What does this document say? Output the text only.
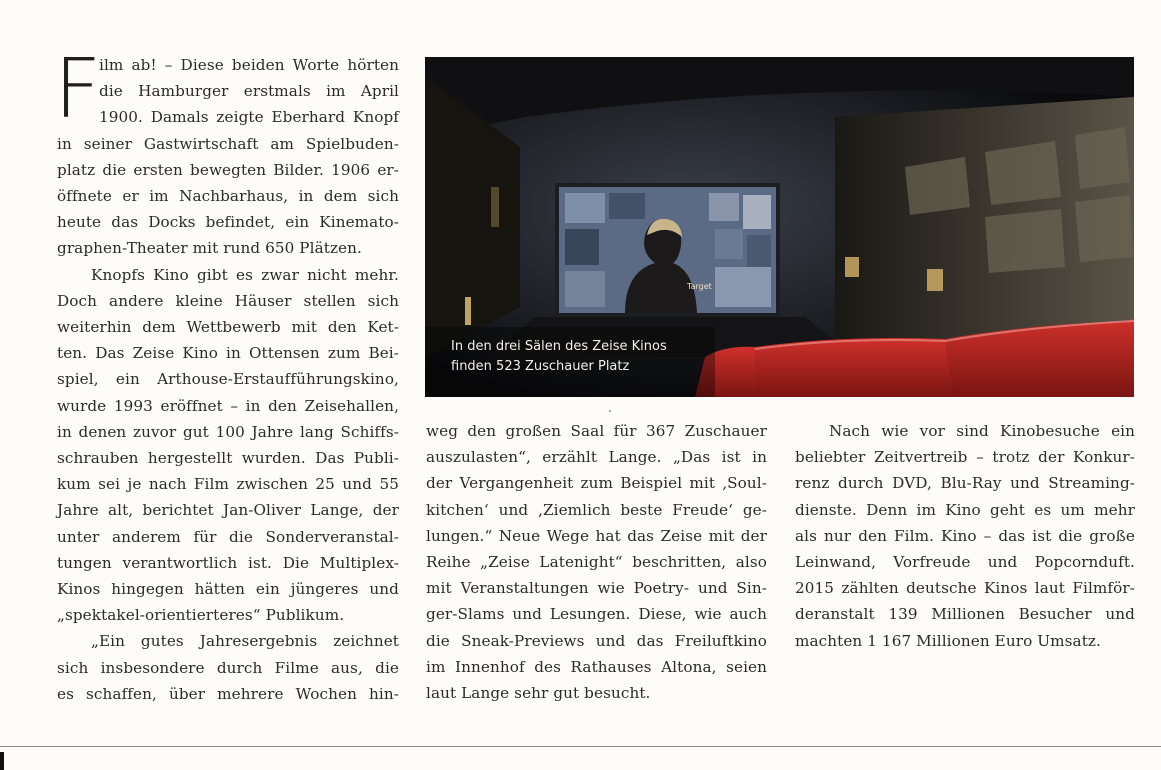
F
ilm ab! – Diese beiden Worte hörten
die Hamburger erstmals im April
1900. Damals zeigte Eberhard Knopf
in seiner Gastwirtschaft am Spielbuden-
platz die ersten bewegten Bilder. 1906 er-
öffnete er im Nachbarhaus, in dem sich
heute das Docks befindet, ein Kinemato-
graphen-Theater mit rund 650 Plätzen.
Knopfs Kino gibt es zwar nicht mehr.
Doch andere kleine Häuser stellen sich
weiterhin dem Wettbewerb mit den Ket-
ten. Das Zeise Kino in Ottensen zum Bei-
spiel, ein Arthouse-Erstaufführungskino,
wurde 1993 eröffnet – in den Zeisehallen,
in denen zuvor gut 100 Jahre lang Schiffs-
schrauben hergestellt wurden. Das Publi-
kum sei je nach Film zwischen 25 und 55
Jahre alt, berichtet Jan-Oliver Lange, der
unter anderem für die Sonderveranstal-
tungen verantwortlich ist. Die Multiplex-
Kinos hingegen hätten ein jüngeres und
„spektakel-orientierteres“ Publikum.
„Ein gutes Jahresergebnis zeichnet
sich insbesondere durch Filme aus, die
es schaffen, über mehrere Wochen hin-
Target
In den drei Sälen des Zeise Kinos
finden 523 Zuschauer Platz
weg den großen Saal für 367 Zuschauer
auszulasten“, erzählt Lange. „Das ist in
der Vergangenheit zum Beispiel mit ‚Soul-
kitchen‘ und ‚Ziemlich beste Freude‘ ge-
lungen.“ Neue Wege hat das Zeise mit der
Reihe „Zeise Latenight“ beschritten, also
mit Veranstaltungen wie Poetry- und Sin-
ger-Slams und Lesungen. Diese, wie auch
die Sneak-Previews und das Freiluftkino
im Innenhof des Rathauses Altona, seien
laut Lange sehr gut besucht.
Nach wie vor sind Kinobesuche ein
beliebter Zeitvertreib – trotz der Konkur-
renz durch DVD, Blu-Ray und Streaming-
dienste. Denn im Kino geht es um mehr
als nur den Film. Kino – das ist die große
Leinwand, Vorfreude und Popcornduft.
2015 zählten deutsche Kinos laut Filmför-
deranstalt 139 Millionen Besucher und
machten 1 167 Millionen Euro Umsatz.
